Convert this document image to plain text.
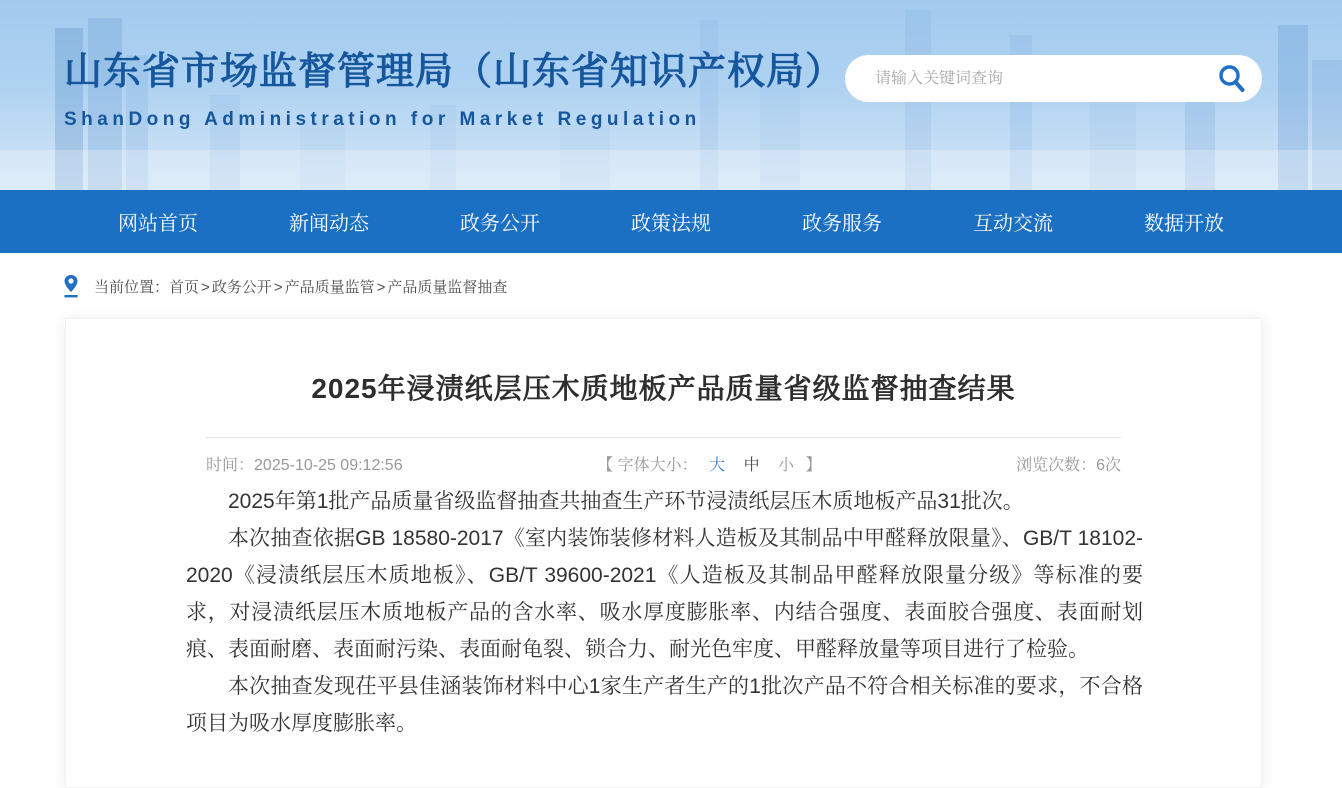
山东省市场监督管理局（山东省知识产权局）
ShanDong Administration for Market Regulation
请输入关键词查询
网站首页	新闻动态	政务公开	政策法规	政务服务	互动交流	数据开放
当前位置：首页 > 政务公开 > 产品质量监管 > 产品质量监督抽查
2025年浸渍纸层压木质地板产品质量省级监督抽查结果
时间：2025-10-25 09:12:56	【 字体大小： 大 中 小 】	浏览次数：6次

2025年第1批产品质量省级监督抽查共抽查生产环节浸渍纸层压木质地板产品31批次。

本次抽查依据GB 18580-2017《室内装饰装修材料人造板及其制品中甲醛释放限量》、GB/T 18102-2020《浸渍纸层压木质地板》、GB/T 39600-2021《人造板及其制品甲醛释放限量分级》等标准的要求，对浸渍纸层压木质地板产品的含水率、吸水厚度膨胀率、内结合强度、表面胶合强度、表面耐划痕、表面耐磨、表面耐污染、表面耐龟裂、锁合力、耐光色牢度、甲醛释放量等项目进行了检验。

本次抽查发现茌平县佳涵装饰材料中心1家生产者生产的1批次产品不符合相关标准的要求，不合格项目为吸水厚度膨胀率。
